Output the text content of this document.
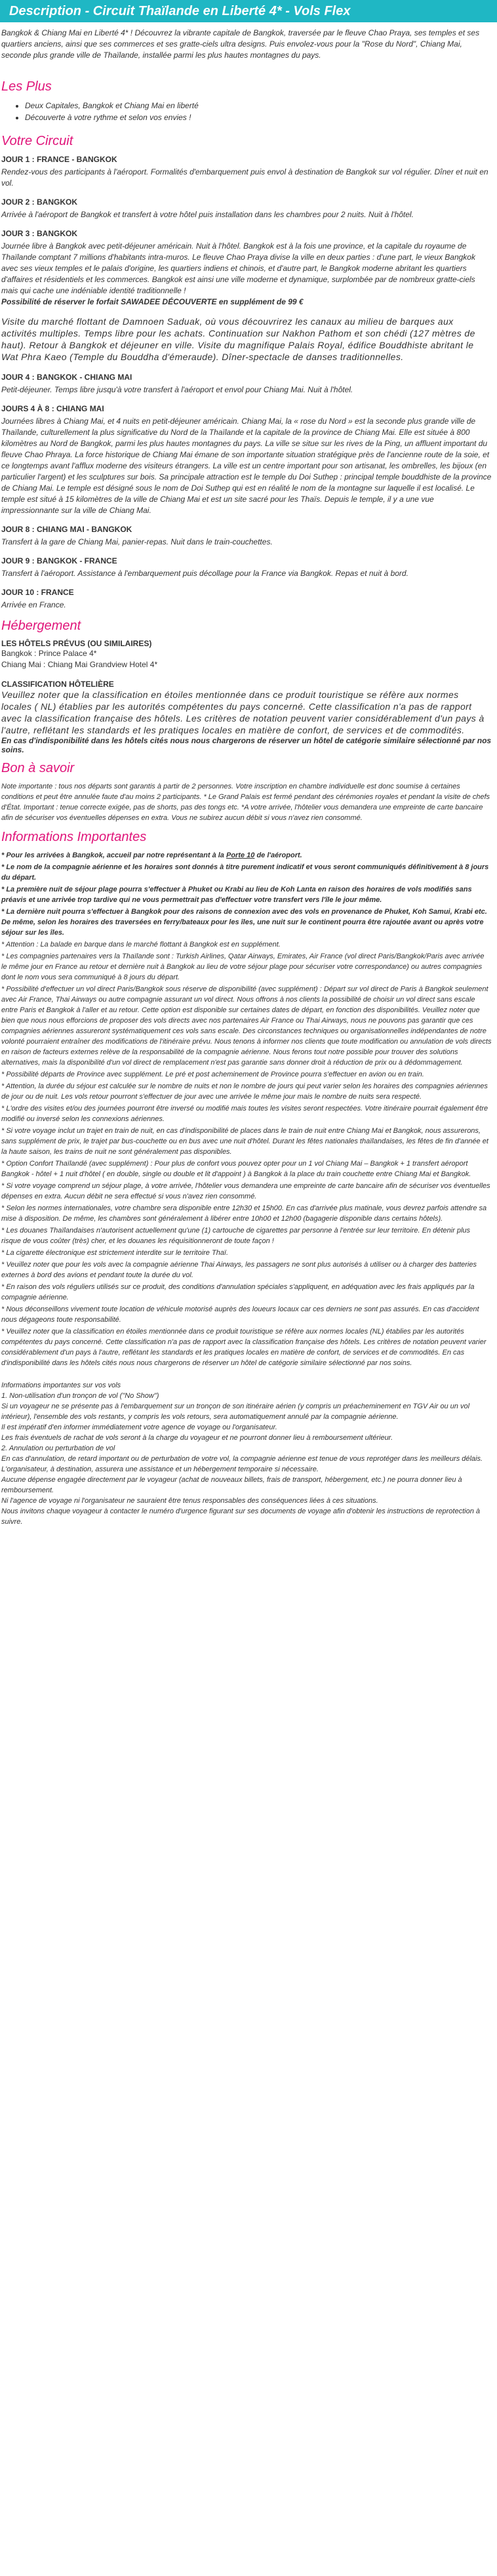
Description - Circuit Thaïlande en Liberté 4* - Vols Flex

Bangkok & Chiang Mai en Liberté 4* ! Découvrez la vibrante capitale de Bangkok, traversée par le fleuve Chao Praya, ses temples et ses quartiers anciens, ainsi que ses commerces et ses gratte-ciels ultra designs. Puis envolez-vous pour la "Rose du Nord", Chiang Mai, seconde plus grande ville de Thaïlande, installée parmi les plus hautes montagnes du pays.

Les Plus
• Deux Capitales, Bangkok et Chiang Mai en liberté
• Découverte à votre rythme et selon vos envies !
Votre Circuit
JOUR 1 : FRANCE - BANGKOK
Rendez-vous des participants à l'aéroport. Formalités d'embarquement puis envol à destination de Bangkok sur vol régulier. Dîner et nuit en vol.
JOUR 2 : BANGKOK
Arrivée à l'aéroport de Bangkok et transfert à votre hôtel puis installation dans les chambres pour 2 nuits. Nuit à l'hôtel.
JOUR 3 : BANGKOK
Journée libre à Bangkok avec petit-déjeuner américain. Nuit à l'hôtel. Bangkok est à la fois une province, et la capitale du royaume de Thaïlande comptant 7 millions d'habitants intra-muros. Le fleuve Chao Praya divise la ville en deux parties : d'une part, le vieux Bangkok avec ses vieux temples et le palais d'origine, les quartiers indiens et chinois, et d'autre part, le Bangkok moderne abritant les quartiers d'affaires et résidentiels et les commerces. Bangkok est ainsi une ville moderne et dynamique, surplombée par de nombreux gratte-ciels mais qui cache une indéniable identité traditionnelle !
Possibilité de réserver le forfait SAWADEE DÉCOUVERTE en supplément de 99 €

Visite du marché flottant de Damnoen Saduak, où vous découvrirez les canaux au milieu de barques aux activités multiples. Temps libre pour les achats. Continuation sur Nakhon Pathom et son chédi (127 mètres de haut). Retour à Bangkok et déjeuner en ville. Visite du magnifique Palais Royal, édifice Bouddhiste abritant le Wat Phra Kaeo (Temple du Bouddha d'émeraude). Dîner-spectacle de danses traditionnelles.

JOUR 4 : BANGKOK - CHIANG MAI
Petit-déjeuner. Temps libre jusqu'à votre transfert à l'aéroport et envol pour Chiang Mai. Nuit à l'hôtel.
JOURS 4 À 8 : CHIANG MAI
Journées libres à Chiang Mai, et 4 nuits en petit-déjeuner américain. Chiang Mai, la « rose du Nord » est la seconde plus grande ville de Thaïlande, culturellement la plus significative du Nord de la Thaïlande et la capitale de la province de Chiang Mai. Elle est située à 800 kilomètres au Nord de Bangkok, parmi les plus hautes montagnes du pays. La ville se situe sur les rives de la Ping, un affluent important du fleuve Chao Phraya. La force historique de Chiang Mai émane de son importante situation stratégique près de l'ancienne route de la soie, et ce longtemps avant l'afflux moderne des visiteurs étrangers. La ville est un centre important pour son artisanat, les ombrelles, les bijoux (en particulier l'argent) et les sculptures sur bois. Sa principale attraction est le temple du Doi Suthep : principal temple bouddhiste de la province de Chiang Mai. Le temple est désigné sous le nom de Doi Suthep qui est en réalité le nom de la montagne sur laquelle il est localisé. Le temple est situé à 15 kilomètres de la ville de Chiang Mai et est un site sacré pour les Thaïs. Depuis le temple, il y a une vue impressionnante sur la ville de Chiang Mai.
JOUR 8 : CHIANG MAI - BANGKOK
Transfert à la gare de Chiang Mai, panier-repas. Nuit dans le train-couchettes.
JOUR 9 : BANGKOK - FRANCE
Transfert à l'aéroport. Assistance à l'embarquement puis décollage pour la France via Bangkok. Repas et nuit à bord.
JOUR 10 : FRANCE
Arrivée en France.
Hébergement
LES HÔTELS PRÉVUS (OU SIMILAIRES)
Bangkok : Prince Palace 4*
Chiang Mai : Chiang Mai Grandview Hotel 4*
CLASSIFICATION HÔTELIÈRE
Veuillez noter que la classification en étoiles mentionnée dans ce produit touristique se réfère aux normes locales ( NL) établies par les autorités compétentes du pays concerné. Cette classification n'a pas de rapport avec la classification française des hôtels. Les critères de notation peuvent varier considérablement d'un pays à l'autre, reflétant les standards et les pratiques locales en matière de confort, de services et de commodités.
En cas d'indisponibilité dans les hôtels cités nous nous chargerons de réserver un hôtel de catégorie similaire sélectionné par nos soins.
Bon à savoir

Note importante : tous nos départs sont garantis à partir de 2 personnes. Votre inscription en chambre individuelle est donc soumise à certaines conditions et peut être annulée faute d'au moins 2 participants. * Le Grand Palais est fermé pendant des cérémonies royales et pendant la visite de chefs d'État. Important : tenue correcte exigée, pas de shorts, pas des tongs etc. *A votre arrivée, l'hôtelier vous demandera une empreinte de carte bancaire afin de sécuriser vos éventuelles dépenses en extra. Vous ne subirez aucun débit si vous n'avez rien consommé.

Informations Importantes
* Pour les arrivées à Bangkok, accueil par notre représentant à la Porte 10 de l'aéroport.
* Le nom de la compagnie aérienne et les horaires sont donnés à titre purement indicatif et vous seront communiqués définitivement à 8 jours du départ.
* La première nuit de séjour plage pourra s'effectuer à Phuket ou Krabi au lieu de Koh Lanta en raison des horaires de vols modifiés sans préavis et une arrivée trop tardive qui ne vous permettrait pas d'effectuer votre transfert vers l'île le jour même.
* La dernière nuit pourra s'effectuer à Bangkok pour des raisons de connexion avec des vols en provenance de Phuket, Koh Samui, Krabi etc. De même, selon les horaires des traversées en ferry/bateaux pour les îles, une nuit sur le continent pourra être rajoutée avant ou après votre séjour sur les îles.
* Attention : La balade en barque dans le marché flottant à Bangkok est en supplément.
* Les compagnies partenaires vers la Thaïlande sont : Turkish Airlines, Qatar Airways, Emirates, Air France (vol direct Paris/Bangkok/Paris avec arrivée le même jour en France au retour et dernière nuit à Bangkok au lieu de votre séjour plage pour sécuriser votre correspondance) ou autres compagnies dont le nom vous sera communiqué à 8 jours du départ.
* Possibilité d'effectuer un vol direct Paris/Bangkok sous réserve de disponibilité (avec supplément) : Départ sur vol direct de Paris à Bangkok seulement avec Air France, Thai Airways ou autre compagnie assurant un vol direct. Nous offrons à nos clients la possibilité de choisir un vol direct sans escale entre Paris et Bangkok à l'aller et au retour. Cette option est disponible sur certaines dates de départ, en fonction des disponibilités. Veuillez noter que bien que nous nous efforcions de proposer des vols directs avec nos partenaires Air France ou Thai Airways, nous ne pouvons pas garantir que ces compagnies aériennes assureront systématiquement ces vols sans escale. Des circonstances techniques ou organisationnelles indépendantes de notre volonté pourraient entraîner des modifications de l'itinéraire prévu. Nous tenons à informer nos clients que toute modification ou annulation de vols directs en raison de facteurs externes relève de la responsabilité de la compagnie aérienne. Nous ferons tout notre possible pour trouver des solutions alternatives, mais la disponibilité d'un vol direct de remplacement n'est pas garantie sans donner droit à réduction de prix ou à dédommagement.
* Possibilité départs de Province avec supplément. Le pré et post acheminement de Province pourra s'effectuer en avion ou en train.
* Attention, la durée du séjour est calculée sur le nombre de nuits et non le nombre de jours qui peut varier selon les horaires des compagnies aériennes de jour ou de nuit. Les vols retour pourront s'effectuer de jour avec une arrivée le même jour mais le nombre de nuits sera respecté.
* L'ordre des visites et/ou des journées pourront être inversé ou modifié mais toutes les visites seront respectées. Votre itinéraire pourrait également être modifié ou inversé selon les connexions aériennes.
* Si votre voyage inclut un trajet en train de nuit, en cas d'indisponibilité de places dans le train de nuit entre Chiang Mai et Bangkok, nous assurerons, sans supplément de prix, le trajet par bus-couchette ou en bus avec une nuit d'hôtel. Durant les fêtes nationales thaïlandaises, les fêtes de fin d'année et la haute saison, les trains de nuit ne sont généralement pas disponibles.
* Option Confort Thaïlandé (avec supplément) : Pour plus de confort vous pouvez opter pour un 1 vol Chiang Mai – Bangkok + 1 transfert aéroport Bangkok - hôtel + 1 nuit d'hôtel ( en double, single ou double et lit d'appoint ) à Bangkok à la place du train couchette entre Chiang Mai et Bangkok.
* Si votre voyage comprend un séjour plage, à votre arrivée, l'hôtelier vous demandera une empreinte de carte bancaire afin de sécuriser vos éventuelles dépenses en extra. Aucun débit ne sera effectué si vous n'avez rien consommé.
* Selon les normes internationales, votre chambre sera disponible entre 12h30 et 15h00. En cas d'arrivée plus matinale, vous devrez parfois attendre sa mise à disposition. De même, les chambres sont généralement à libérer entre 10h00 et 12h00 (bagagerie disponible dans certains hôtels).
* Les douanes Thaïlandaises n'autorisent actuellement qu'une (1) cartouche de cigarettes par personne à l'entrée sur leur territoire. En détenir plus risque de vous coûter (très) cher, et les douanes les réquisitionneront de toute façon !
* La cigarette électronique est strictement interdite sur le territoire Thaï.
* Veuillez noter que pour les vols avec la compagnie aérienne Thai Airways, les passagers ne sont plus autorisés à utiliser ou à charger des batteries externes à bord des avions et pendant toute la durée du vol.
* En raison des vols réguliers utilisés sur ce produit, des conditions d'annulation spéciales s'appliquent, en adéquation avec les frais appliqués par la compagnie aérienne.
* Nous déconseillons vivement toute location de véhicule motorisé auprès des loueurs locaux car ces derniers ne sont pas assurés. En cas d'accident nous dégageons toute responsabilité.
* Veuillez noter que la classification en étoiles mentionnée dans ce produit touristique se réfère aux normes locales (NL) établies par les autorités compétentes du pays concerné. Cette classification n'a pas de rapport avec la classification française des hôtels. Les critères de notation peuvent varier considérablement d'un pays à l'autre, reflétant les standards et les pratiques locales en matière de confort, de services et de commodités. En cas d'indisponibilité dans les hôtels cités nous nous chargerons de réserver un hôtel de catégorie similaire sélectionné par nos soins.

Informations importantes sur vos vols

1. Non-utilisation d'un tronçon de vol ("No Show")

Si un voyageur ne se présente pas à l'embarquement sur un tronçon de son itinéraire aérien (y compris un préacheminement en TGV Air ou un vol intérieur), l'ensemble des vols restants, y compris les vols retours, sera automatiquement annulé par la compagnie aérienne.

Il est impératif d'en informer immédiatement votre agence de voyage ou l'organisateur.

Les frais éventuels de rachat de vols seront à la charge du voyageur et ne pourront donner lieu à remboursement ultérieur.

2. Annulation ou perturbation de vol

En cas d'annulation, de retard important ou de perturbation de votre vol, la compagnie aérienne est tenue de vous reprotéger dans les meilleurs délais.

L'organisateur, à destination, assurera une assistance et un hébergement temporaire si nécessaire.

Aucune dépense engagée directement par le voyageur (achat de nouveaux billets, frais de transport, hébergement, etc.) ne pourra donner lieu à remboursement.

Ni l'agence de voyage ni l'organisateur ne sauraient être tenus responsables des conséquences liées à ces situations.

Nous invitons chaque voyageur à contacter le numéro d'urgence figurant sur ses documents de voyage afin d'obtenir les instructions de reprotection à suivre.
